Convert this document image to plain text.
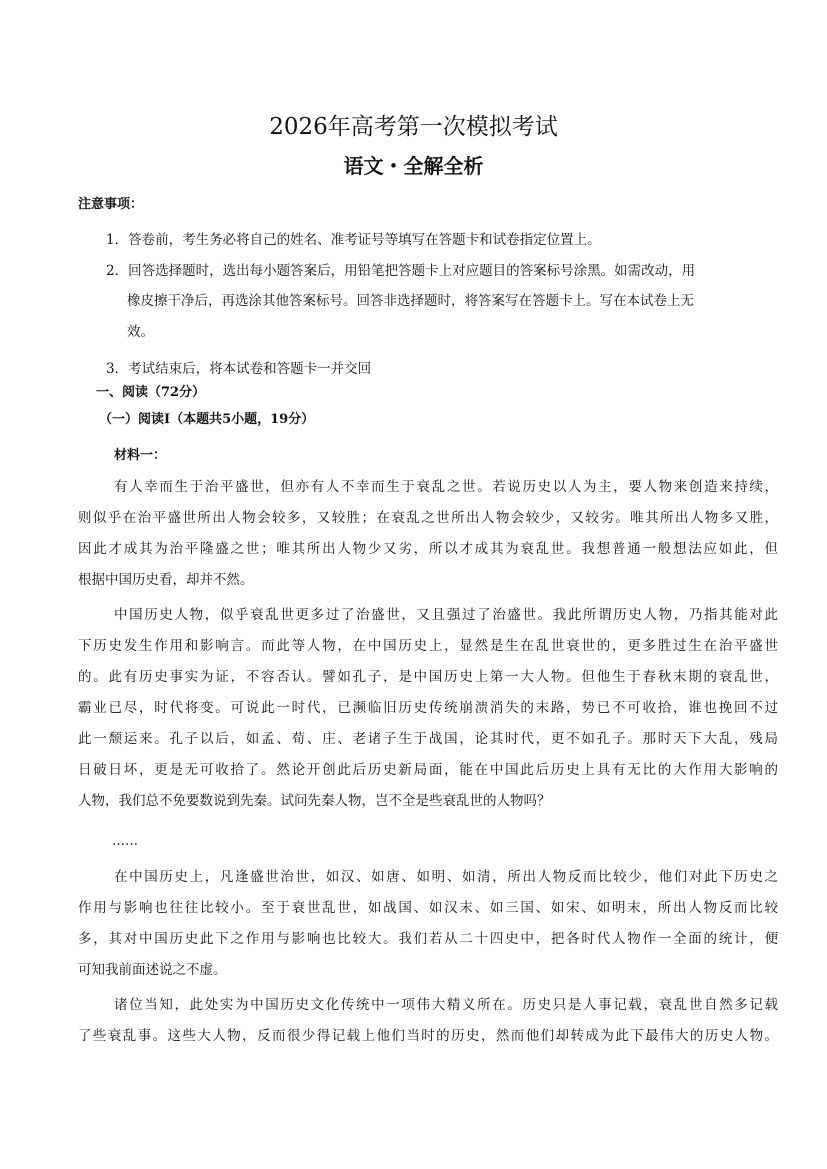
2026年高考第一次模拟考试
语文・全解全析
注意事项：
1．答卷前，考生务必将自己的姓名、准考证号等填写在答题卡和试卷指定位置上。
2．回答选择题时，选出每小题答案后，用铅笔把答题卡上对应题目的答案标号涂黑。如需改动，用
橡皮擦干净后，再选涂其他答案标号。回答非选择题时，将答案写在答题卡上。写在本试卷上无
效。
3．考试结束后，将本试卷和答题卡一并交回
一、阅读（72分）
（一）阅读Ⅰ（本题共5小题，19分）
材料一：
有人幸而生于治平盛世，但亦有人不幸而生于衰乱之世。若说历史以人为主，要人物来创造来持续，
则似乎在治平盛世所出人物会较多，又较胜；在衰乱之世所出人物会较少，又较劣。唯其所出人物多又胜，
因此才成其为治平隆盛之世；唯其所出人物少又劣，所以才成其为衰乱世。我想普通一般想法应如此，但
根据中国历史看，却并不然。
中国历史人物，似乎衰乱世更多过了治盛世，又且强过了治盛世。我此所谓历史人物，乃指其能对此
下历史发生作用和影响言。而此等人物，在中国历史上，显然是生在乱世衰世的，更多胜过生在治平盛世
的。此有历史事实为证，不容否认。譬如孔子，是中国历史上第一大人物。但他生于春秋末期的衰乱世，
霸业已尽，时代将变。可说此一时代，已濒临旧历史传统崩溃消失的末路，势已不可收拾，谁也挽回不过
此一颓运来。孔子以后，如孟、荀、庄、老诸子生于战国，论其时代，更不如孔子。那时天下大乱，残局
日破日坏，更是无可收拾了。然论开创此后历史新局面，能在中国此后历史上具有无比的大作用大影响的
人物，我们总不免要数说到先秦。试问先秦人物，岂不全是些衰乱世的人物吗？
在中国历史上，凡逢盛世治世，如汉、如唐、如明、如清，所出人物反而比较少，他们对此下历史之
作用与影响也往往比较小。至于衰世乱世，如战国、如汉末、如三国、如宋、如明末，所出人物反而比较
多，其对中国历史此下之作用与影响也比较大。我们若从二十四史中，把各时代人物作一全面的统计，便
可知我前面述说之不虚。
诸位当知，此处实为中国历史文化传统中一项伟大精义所在。历史只是人事记载，衰乱世自然多记载
了些衰乱事。这些大人物，反而很少得记载上他们当时的历史，然而他们却转成为此下最伟大的历史人物。
……
